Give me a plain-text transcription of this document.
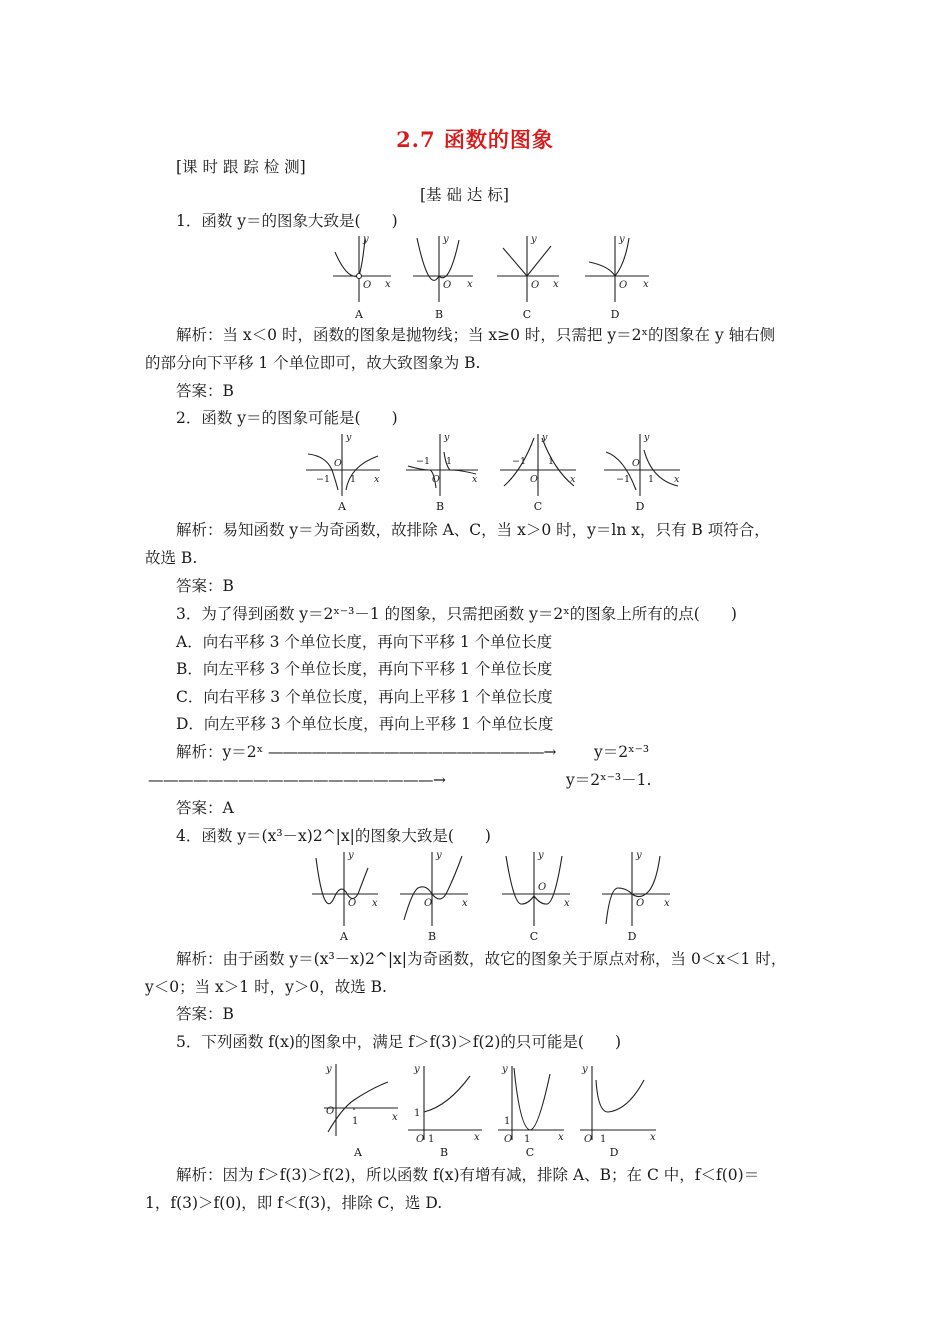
2.7 函数的图象
[课 时 跟 踪 检 测]
[基 础 达 标]
1．函数 y＝的图象大致是(　　)
y
O x
y
O x
y
O x
y
O x
A	B	C	D
解析：当 x＜0 时，函数的图象是抛物线；当 x≥0 时，只需把 y＝2ˣ的图象在 y 轴右侧
的部分向下平移 1 个单位即可，故大致图象为 B.
答案：B
2．函数 y＝的图象可能是(　　)
y
O
x
−1 1
y
O	x
−1 1
y
O	x
−1 1
y
O
x
−1 1
A	B	C	D
解析：易知函数 y＝为奇函数，故排除 A、C，当 x＞0 时，y＝ln x，只有 B 项符合，
故选 B.
答案：B
3．为了得到函数 y＝2ˣ⁻³－1 的图象，只需把函数 y＝2ˣ的图象上所有的点(　　)
A．向右平移 3 个单位长度，再向下平移 1 个单位长度
B．向左平移 3 个单位长度，再向下平移 1 个单位长度
C．向右平移 3 个单位长度，再向上平移 1 个单位长度
D．向左平移 3 个单位长度，再向上平移 1 个单位长度
解析：y＝2ˣ ———————————————————→ y＝2ˣ⁻³
———————————————————→	y＝2ˣ⁻³－1.
答案：A
4．函数 y＝(x³－x)2^|x|的图象大致是(　　)
y
O x
y
O	x
y
O
x
y
O x
A	B	C	D
解析：由于函数 y＝(x³－x)2^|x|为奇函数，故它的图象关于原点对称，当 0＜x＜1 时，
y＜0；当 x＞1 时，y＞0，故选 B.
答案：B
5．下列函数 f(x)的图象中，满足 f＞f(3)＞f(2)的只可能是(　　)
y
O
1	x
y
1
O 1	x
y
1
O 1	x
y
O 1	x
A	B	C	D
解析：因为 f＞f(3)＞f(2)，所以函数 f(x)有增有减，排除 A、B；在 C 中，f＜f(0)＝
1，f(3)＞f(0)，即 f＜f(3)，排除 C，选 D.
